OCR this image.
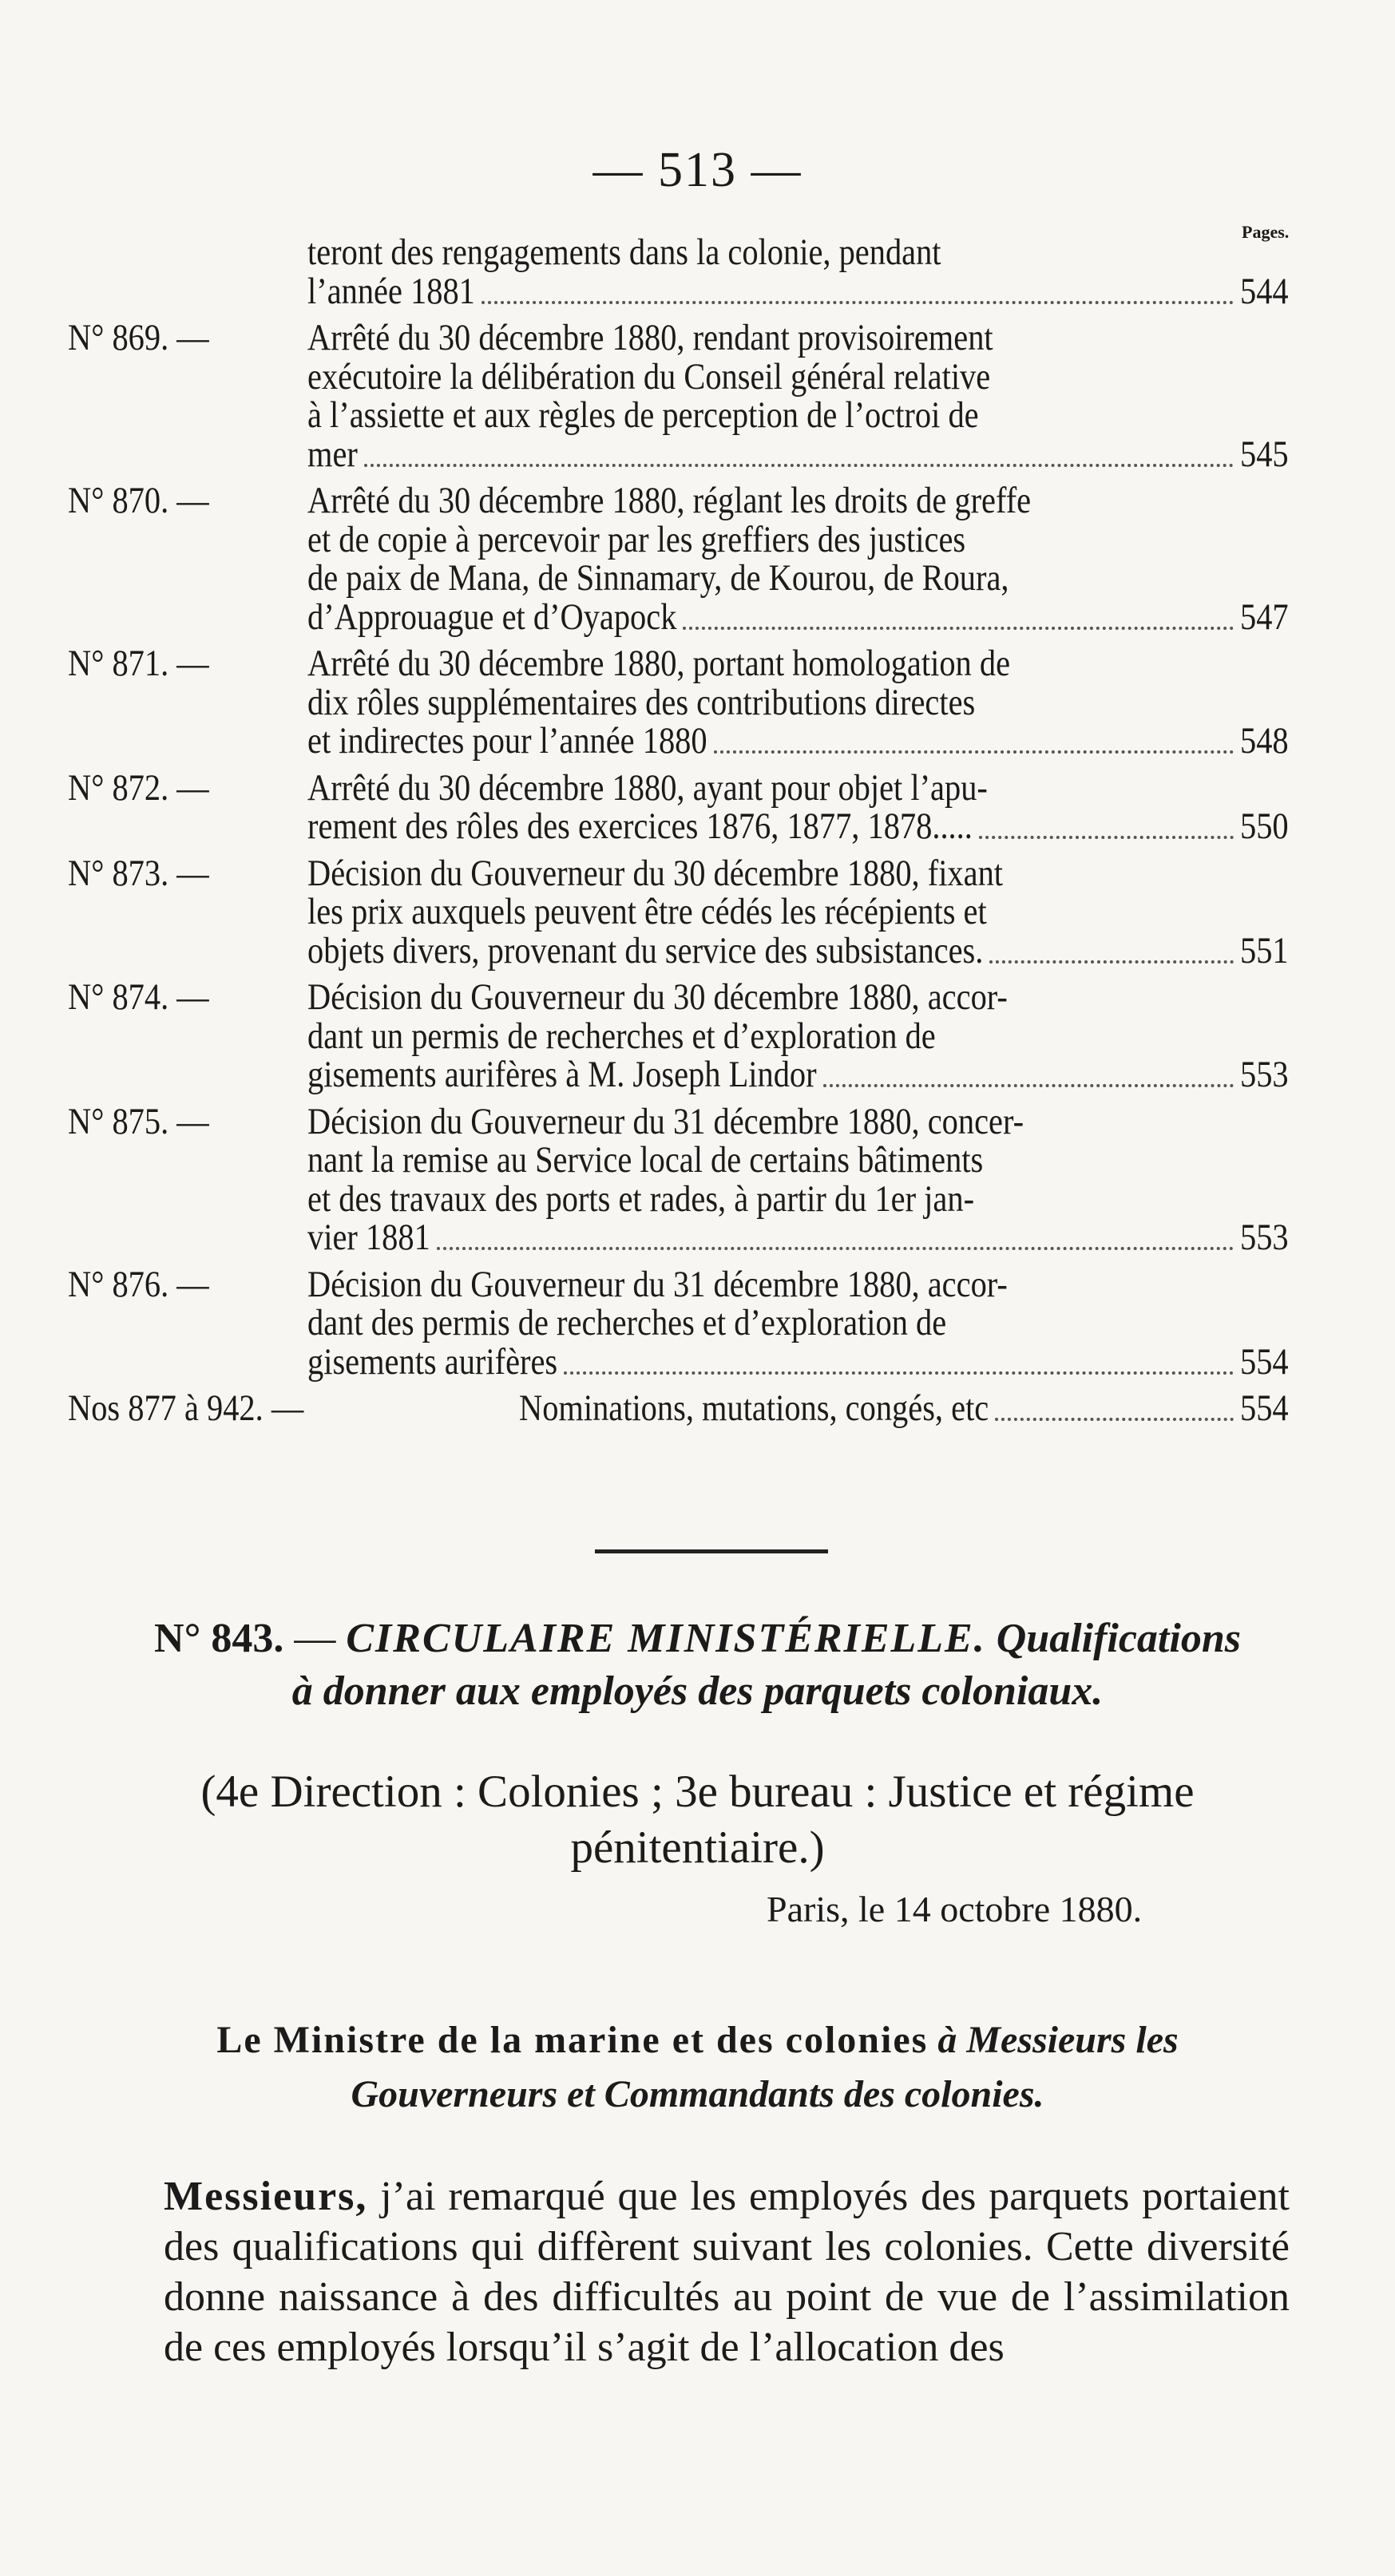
— 513 —
Pages.
teront des rengagements dans la colonie, pendant
l’année 1881	544
N° 869. —	Arrêté du 30 décembre 1880, rendant provisoirement
exécutoire la délibération du Conseil général relative
à l’assiette et aux règles de perception de l’octroi de
mer	545
N° 870. —	Arrêté du 30 décembre 1880, réglant les droits de greffe
et de copie à percevoir par les greffiers des justices
de paix de Mana, de Sinnamary, de Kourou, de Roura,
d’Approuague et d’Oyapock	547
N° 871. —	Arrêté du 30 décembre 1880, portant homologation de
dix rôles supplémentaires des contributions directes
et indirectes pour l’année 1880	548
N° 872. —	Arrêté du 30 décembre 1880, ayant pour objet l’apu-
rement des rôles des exercices 1876, 1877, 1878.....	550
N° 873. —	Décision du Gouverneur du 30 décembre 1880, fixant
les prix auxquels peuvent être cédés les récépients et
objets divers, provenant du service des subsistances.	551
N° 874. —	Décision du Gouverneur du 30 décembre 1880, accor-
dant un permis de recherches et d’exploration de
gisements aurifères à M. Joseph Lindor	553
N° 875. —	Décision du Gouverneur du 31 décembre 1880, concer-
nant la remise au Service local de certains bâtiments
et des travaux des ports et rades, à partir du 1er jan-
vier 1881	553
N° 876. —	Décision du Gouverneur du 31 décembre 1880, accor-
dant des permis de recherches et d’exploration de
gisements aurifères	554
Nos 877 à 942. —	Nominations, mutations, congés, etc	554
N° 843. — CIRCULAIRE MINISTÉRIELLE. Qualifications
à donner aux employés des parquets coloniaux.
(4e Direction : Colonies ; 3e bureau : Justice et régime
pénitentiaire.)
Paris, le 14 octobre 1880.
Le Ministre de la marine et des colonies à Messieurs les
Gouverneurs et Commandants des colonies.
Messieurs, j’ai remarqué que les employés des parquets portaient des qualifications qui diffèrent suivant les colonies. Cette diversité donne naissance à des difficultés au point de vue de l’assimilation de ces employés lorsqu’il s’agit de l’allocation des
